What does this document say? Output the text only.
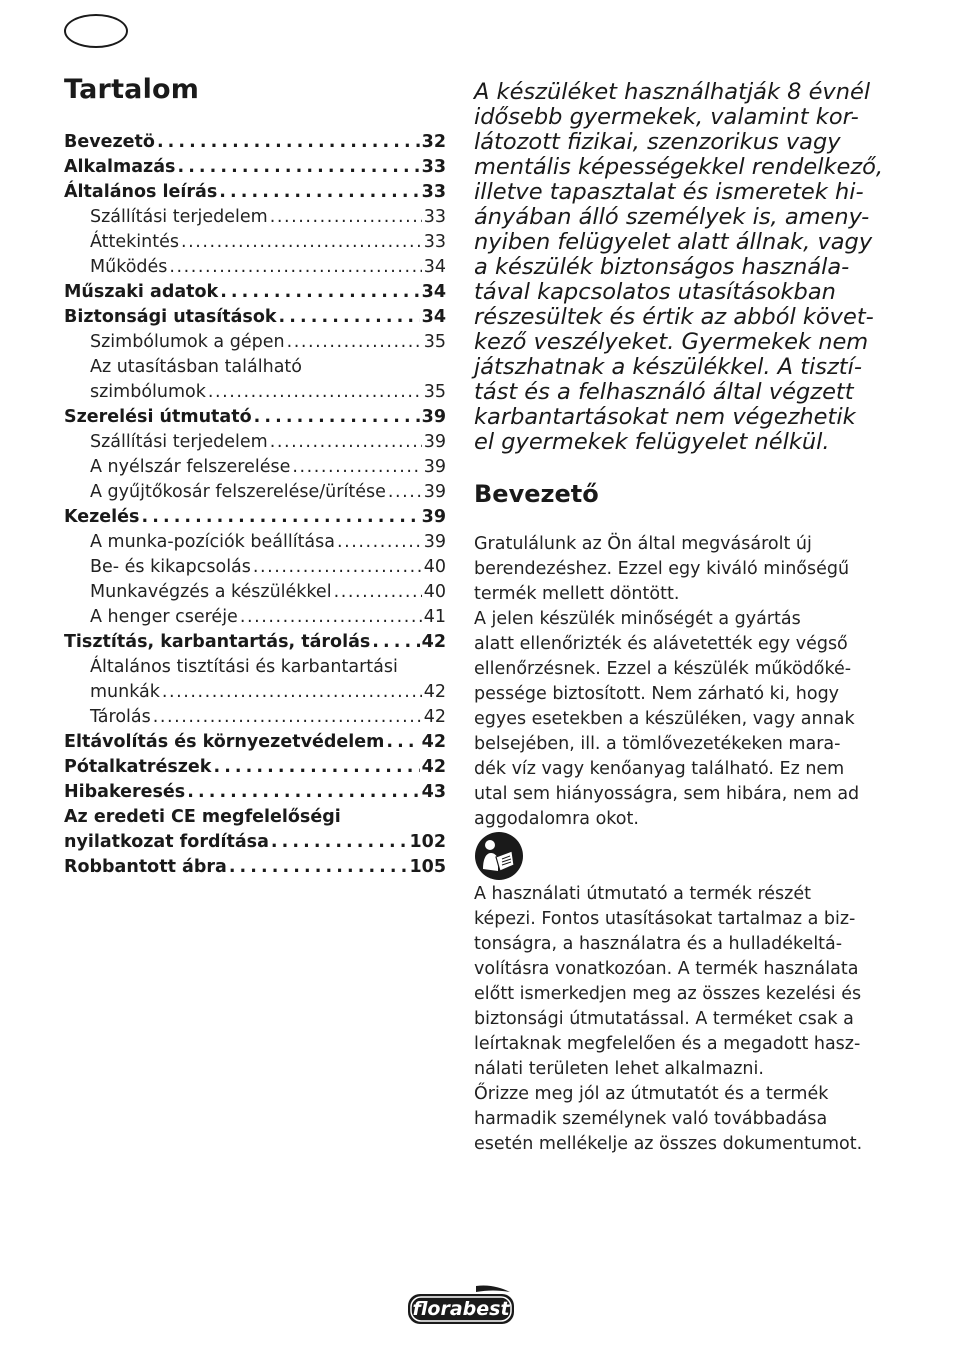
Tartalom
Bevezetö . . .	32
Alkalmazás . . .	33
Általános leírás . . .	33
Szállítási terjedelem . . .	33
Áttekintés . . .	33
Működés . . .	34
Műszaki adatok . . .	34
Biztonsági utasítások . . .	34
Szimbólumok a gépen . . .	35
Az utasításban található
szimbólumok . . .	35
Szerelési útmutató . . .	39
Szállítási terjedelem . . .	39
A nyélszár felszerelése . . .	39
A gyűjtőkosár felszerelése/ürítése . . . 39
Kezelés . . .	39
A munka-pozíciók beállítása . . .	39
Be- és kikapcsolás . . .	40
Munkavégzés a készülékkel . . .	40
A henger cseréje . . .	41
Tisztítás, karbantartás, tárolás . . .	42
Általános tisztítási és karbantartási
munkák . . .	42
Tárolás . . .	42
Eltávolítás és környezetvédelem . . . 42
Pótalkatrészek . . .	42
Hibakeresés . . .	43
Az eredeti CE megfelelőségi
nyilatkozat fordítása . . .	102
Robbantott ábra . . .	105
A készüléket használhatják 8 évnél
idősebb gyermekek, valamint kor-
látozott fizikai, szenzorikus vagy
mentális képességekkel rendelkező,
illetve tapasztalat és ismeretek hi-
ányában álló személyek is, ameny-
nyiben felügyelet alatt állnak, vagy
a készülék biztonságos használa-
tával kapcsolatos utasításokban
részesültek és értik az abból követ-
kező veszélyeket. Gyermekek nem
játszhatnak a készülékkel. A tisztí-
tást és a felhasználó által végzett
karbantartásokat nem végezhetik
el gyermekek felügyelet nélkül.
Bevezető
Gratulálunk az Ön által megvásárolt új
berendezéshez. Ezzel egy kiváló minőségű
termék mellett döntött.
A jelen készülék minőségét a gyártás
alatt ellenőrizték és alávetették egy végső
ellenőrzésnek. Ezzel a készülék működőké-
pessége biztosított. Nem zárható ki, hogy
egyes esetekben a készüléken, vagy annak
belsejében, ill. a tömlővezetékeken mara-
dék víz vagy kenőanyag található. Ez nem
utal sem hiányosságra, sem hibára, nem ad
aggodalomra okot.
A használati útmutató a termék részét
képezi. Fontos utasításokat tartalmaz a biz-
tonságra, a használatra és a hulladékeltá-
volításra vonatkozóan. A termék használata
előtt ismerkedjen meg az összes kezelési és
biztonsági útmutatással. A terméket csak a
leírtaknak megfelelően és a megadott hasz-
nálati területen lehet alkalmazni.
Őrizze meg jól az útmutatót és a termék
harmadik személynek való továbbadása
esetén mellékelje az összes dokumentumot.
florabest
